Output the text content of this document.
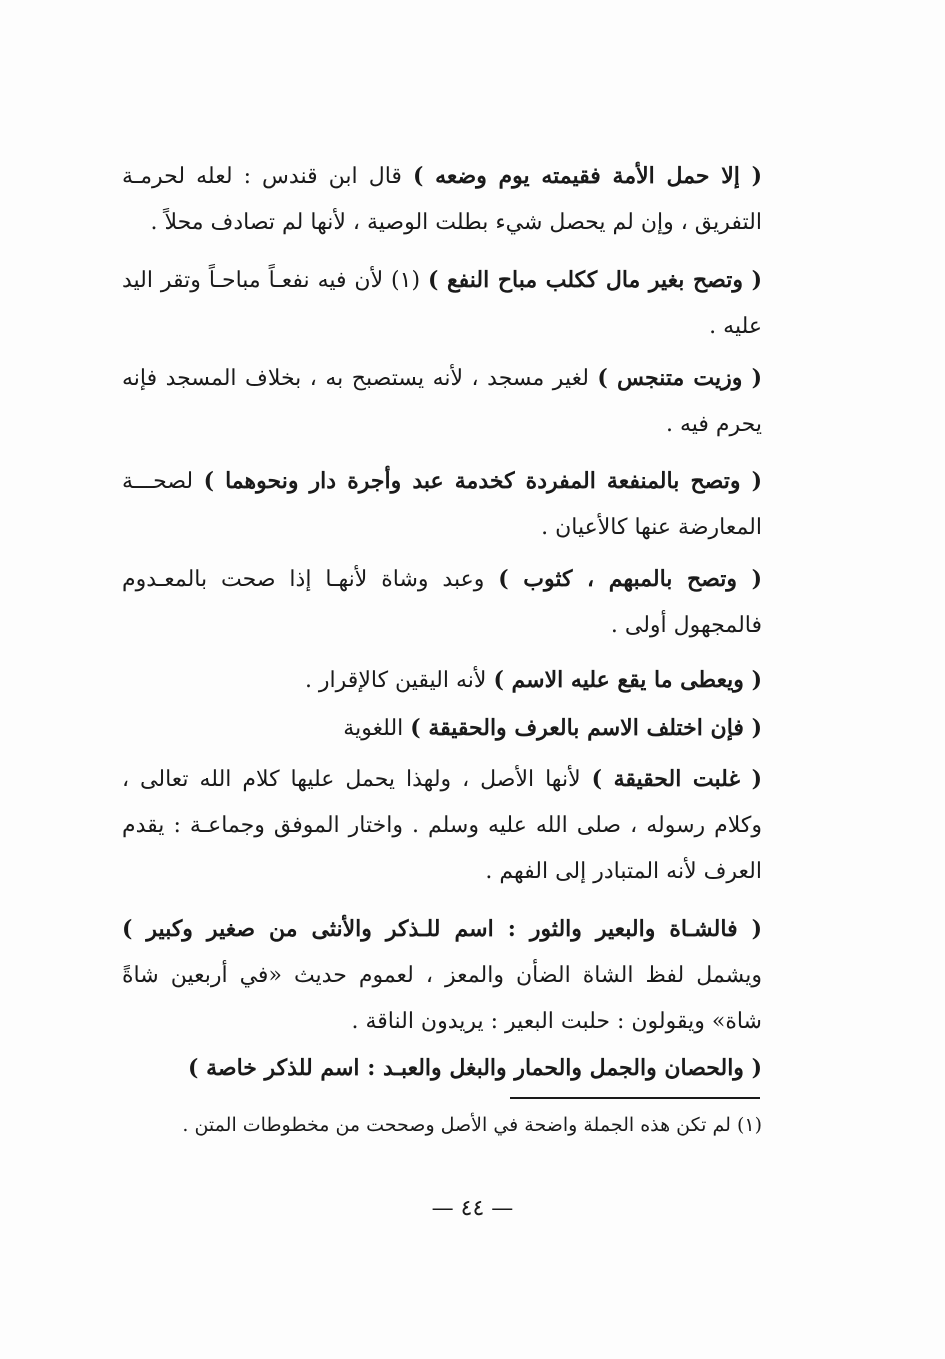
( إلا حمل الأمة فقيمته يوم وضعه ) قال ابن قندس : لعله لحرمـة التفريق ، وإن لم يحصل شيء بطلت الوصية ، لأنها لم تصادف محلاً .
( وتصح بغير مال ككلب مباح النفع ) (١) لأن فيه نفعـاً مباحـاً وتقر اليد عليه .
( وزيت متنجس ) لغير مسجد ، لأنه يستصبح به ، بخلاف المسجد فإنه يحرم فيه .
( وتصح بالمنفعة المفردة كخدمة عبد وأجرة دار ونحوهما ) لصحـــة المعارضة عنها كالأعيان .
( وتصح بالمبهم ، كثوب ) وعبد وشاة لأنهـا إذا صحت بالمعـدوم فالمجهول أولى .
( ويعطى ما يقع عليه الاسم ) لأنه اليقين كالإقرار .
( فإن اختلف الاسم بالعرف والحقيقة ) اللغوية
( غلبت الحقيقة ) لأنها الأصل ، ولهذا يحمل عليها كلام الله تعالى ، وكلام رسوله ، صلى الله عليه وسلم . واختار الموفق وجماعـة : يقدم العرف لأنه المتبادر إلى الفهم .
( فالشـاة والبعير والثور : اسم للـذكر والأنثى من صغير وكبير ) ويشمل لفظ الشاة الضأن والمعز ، لعموم حديث «في أربعين شاةً شاة» ويقولون : حلبت البعير : يريدون الناقة .
( والحصان والجمل والحمار والبغل والعبـد : اسم للذكر خاصة )
(١) لم تكن هذه الجملة واضحة في الأصل وصححت من مخطوطات المتن .
— ٤٤ —
